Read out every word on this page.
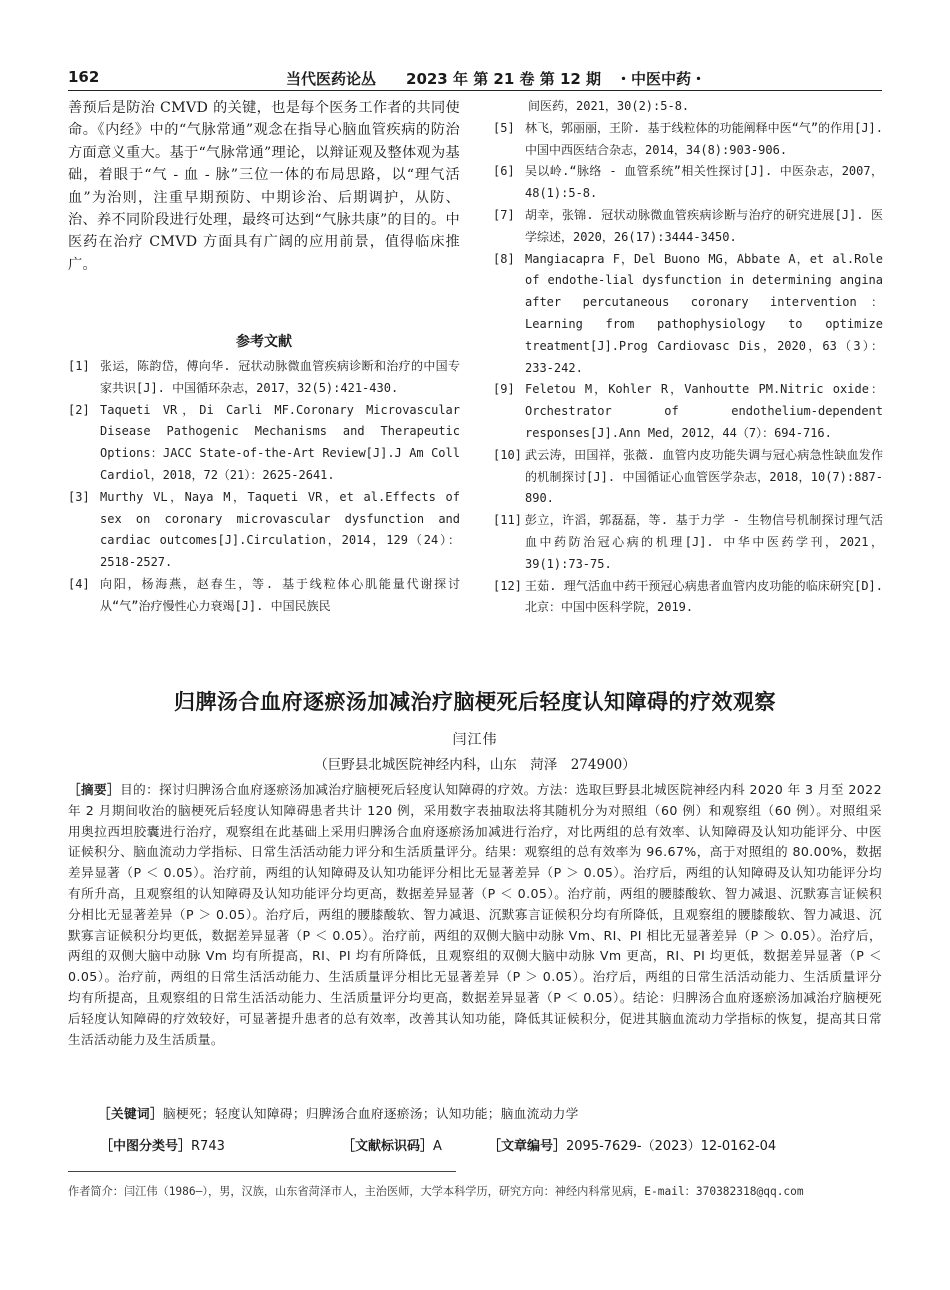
162	当代医药论丛　　2023 年 第 21 卷 第 12 期　・中医中药・
善预后是防治 CMVD 的关键，也是每个医务工作者的共同使命。《内经》中的“气脉常通”观念在指导心脑血管疾病的防治方面意义重大。基于“气脉常通”理论，以辩证观及整体观为基础，着眼于“气 - 血 - 脉”三位一体的布局思路，以“理气活血”为治则，注重早期预防、中期诊治、后期调护，从防、治、养不同阶段进行处理，最终可达到“气脉共康”的目的。中医药在治疗 CMVD 方面具有广阔的应用前景，值得临床推广。
参考文献
[1] 张运，陈韵岱，傅向华. 冠状动脉微血管疾病诊断和治疗的中国专家共识[J]. 中国循环杂志，2017，32(5):421-430.
[2] Taqueti VR，Di Carli MF.Coronary Microvascular Disease Pathogenic Mechanisms and Therapeutic Options：JACC State-of-the-Art Review[J].J Am Coll Cardiol，2018，72（21）：2625-2641.
[3] Murthy VL，Naya M，Taqueti VR，et al.Effects of sex on coronary microvascular dysfunction and cardiac outcomes[J].Circulation，2014，129（24）：2518-2527.
[4] 向阳，杨海燕，赵春生，等. 基于线粒体心肌能量代谢探讨从“气”治疗慢性心力衰竭[J]. 中国民族民
间医药，2021，30(2):5-8.
[5] 林飞，郭丽丽，王阶. 基于线粒体的功能阐释中医“气”的作用[J]. 中国中西医结合杂志，2014，34(8):903-906.
[6] 吴以岭.“脉络 - 血管系统”相关性探讨[J]. 中医杂志，2007，48(1):5-8.
[7] 胡幸，张锦. 冠状动脉微血管疾病诊断与治疗的研究进展[J]. 医学综述，2020，26(17):3444-3450.
[8] Mangiacapra F，Del Buono MG，Abbate A，et al.Role of endothe-lial dysfunction in determining angina after percutaneous coronary intervention：Learning from pathophysiology to optimize treatment[J].Prog Cardiovasc Dis，2020，63（3）：233-242.
[9] Feletou M，Kohler R，Vanhoutte PM.Nitric oxide：Orchestrator of endothelium-dependent responses[J].Ann Med，2012，44（7）：694-716.
[10] 武云涛，田国祥，张薇. 血管内皮功能失调与冠心病急性缺血发作的机制探讨[J]. 中国循证心血管医学杂志，2018，10(7):887-890.
[11] 彭立，许滔，郭磊磊，等. 基于力学 - 生物信号机制探讨理气活血中药防治冠心病的机理[J]. 中华中医药学刊，2021，39(1):73-75.
[12] 王茹. 理气活血中药干预冠心病患者血管内皮功能的临床研究[D]. 北京：中国中医科学院，2019.
归脾汤合血府逐瘀汤加减治疗脑梗死后轻度认知障碍的疗效观察
闫江伟
（巨野县北城医院神经内科，山东　菏泽　274900）
［摘要］目的：探讨归脾汤合血府逐瘀汤加减治疗脑梗死后轻度认知障碍的疗效。方法：选取巨野县北城医院神经内科 2020 年 3 月至 2022 年 2 月期间收治的脑梗死后轻度认知障碍患者共计 120 例，采用数字表抽取法将其随机分为对照组（60 例）和观察组（60 例）。对照组采用奥拉西坦胶囊进行治疗，观察组在此基础上采用归脾汤合血府逐瘀汤加减进行治疗，对比两组的总有效率、认知障碍及认知功能评分、中医证候积分、脑血流动力学指标、日常生活活动能力评分和生活质量评分。结果：观察组的总有效率为 96.67%，高于对照组的 80.00%，数据差异显著（P ＜ 0.05）。治疗前，两组的认知障碍及认知功能评分相比无显著差异（P ＞ 0.05）。治疗后，两组的认知障碍及认知功能评分均有所升高，且观察组的认知障碍及认知功能评分均更高，数据差异显著（P ＜ 0.05）。治疗前，两组的腰膝酸软、智力减退、沉默寡言证候积分相比无显著差异（P ＞ 0.05）。治疗后，两组的腰膝酸软、智力减退、沉默寡言证候积分均有所降低，且观察组的腰膝酸软、智力减退、沉默寡言证候积分均更低，数据差异显著（P ＜ 0.05）。治疗前，两组的双侧大脑中动脉 Vm、RI、PI 相比无显著差异（P ＞ 0.05）。治疗后，两组的双侧大脑中动脉 Vm 均有所提高，RI、PI 均有所降低，且观察组的双侧大脑中动脉 Vm 更高，RI、PI 均更低，数据差异显著（P ＜ 0.05）。治疗前，两组的日常生活活动能力、生活质量评分相比无显著差异（P ＞ 0.05）。治疗后，两组的日常生活活动能力、生活质量评分均有所提高，且观察组的日常生活活动能力、生活质量评分均更高，数据差异显著（P ＜ 0.05）。结论：归脾汤合血府逐瘀汤加减治疗脑梗死后轻度认知障碍的疗效较好，可显著提升患者的总有效率，改善其认知功能，降低其证候积分，促进其脑血流动力学指标的恢复，提高其日常生活活动能力及生活质量。
［关键词］脑梗死；轻度认知障碍；归脾汤合血府逐瘀汤；认知功能；脑血流动力学
［中图分类号］R743	［文献标识码］A	［文章编号］2095-7629-（2023）12-0162-04
作者简介：闫江伟（1986—），男，汉族，山东省菏泽市人，主治医师，大学本科学历，研究方向：神经内科常见病，E-mail：370382318@qq.com
